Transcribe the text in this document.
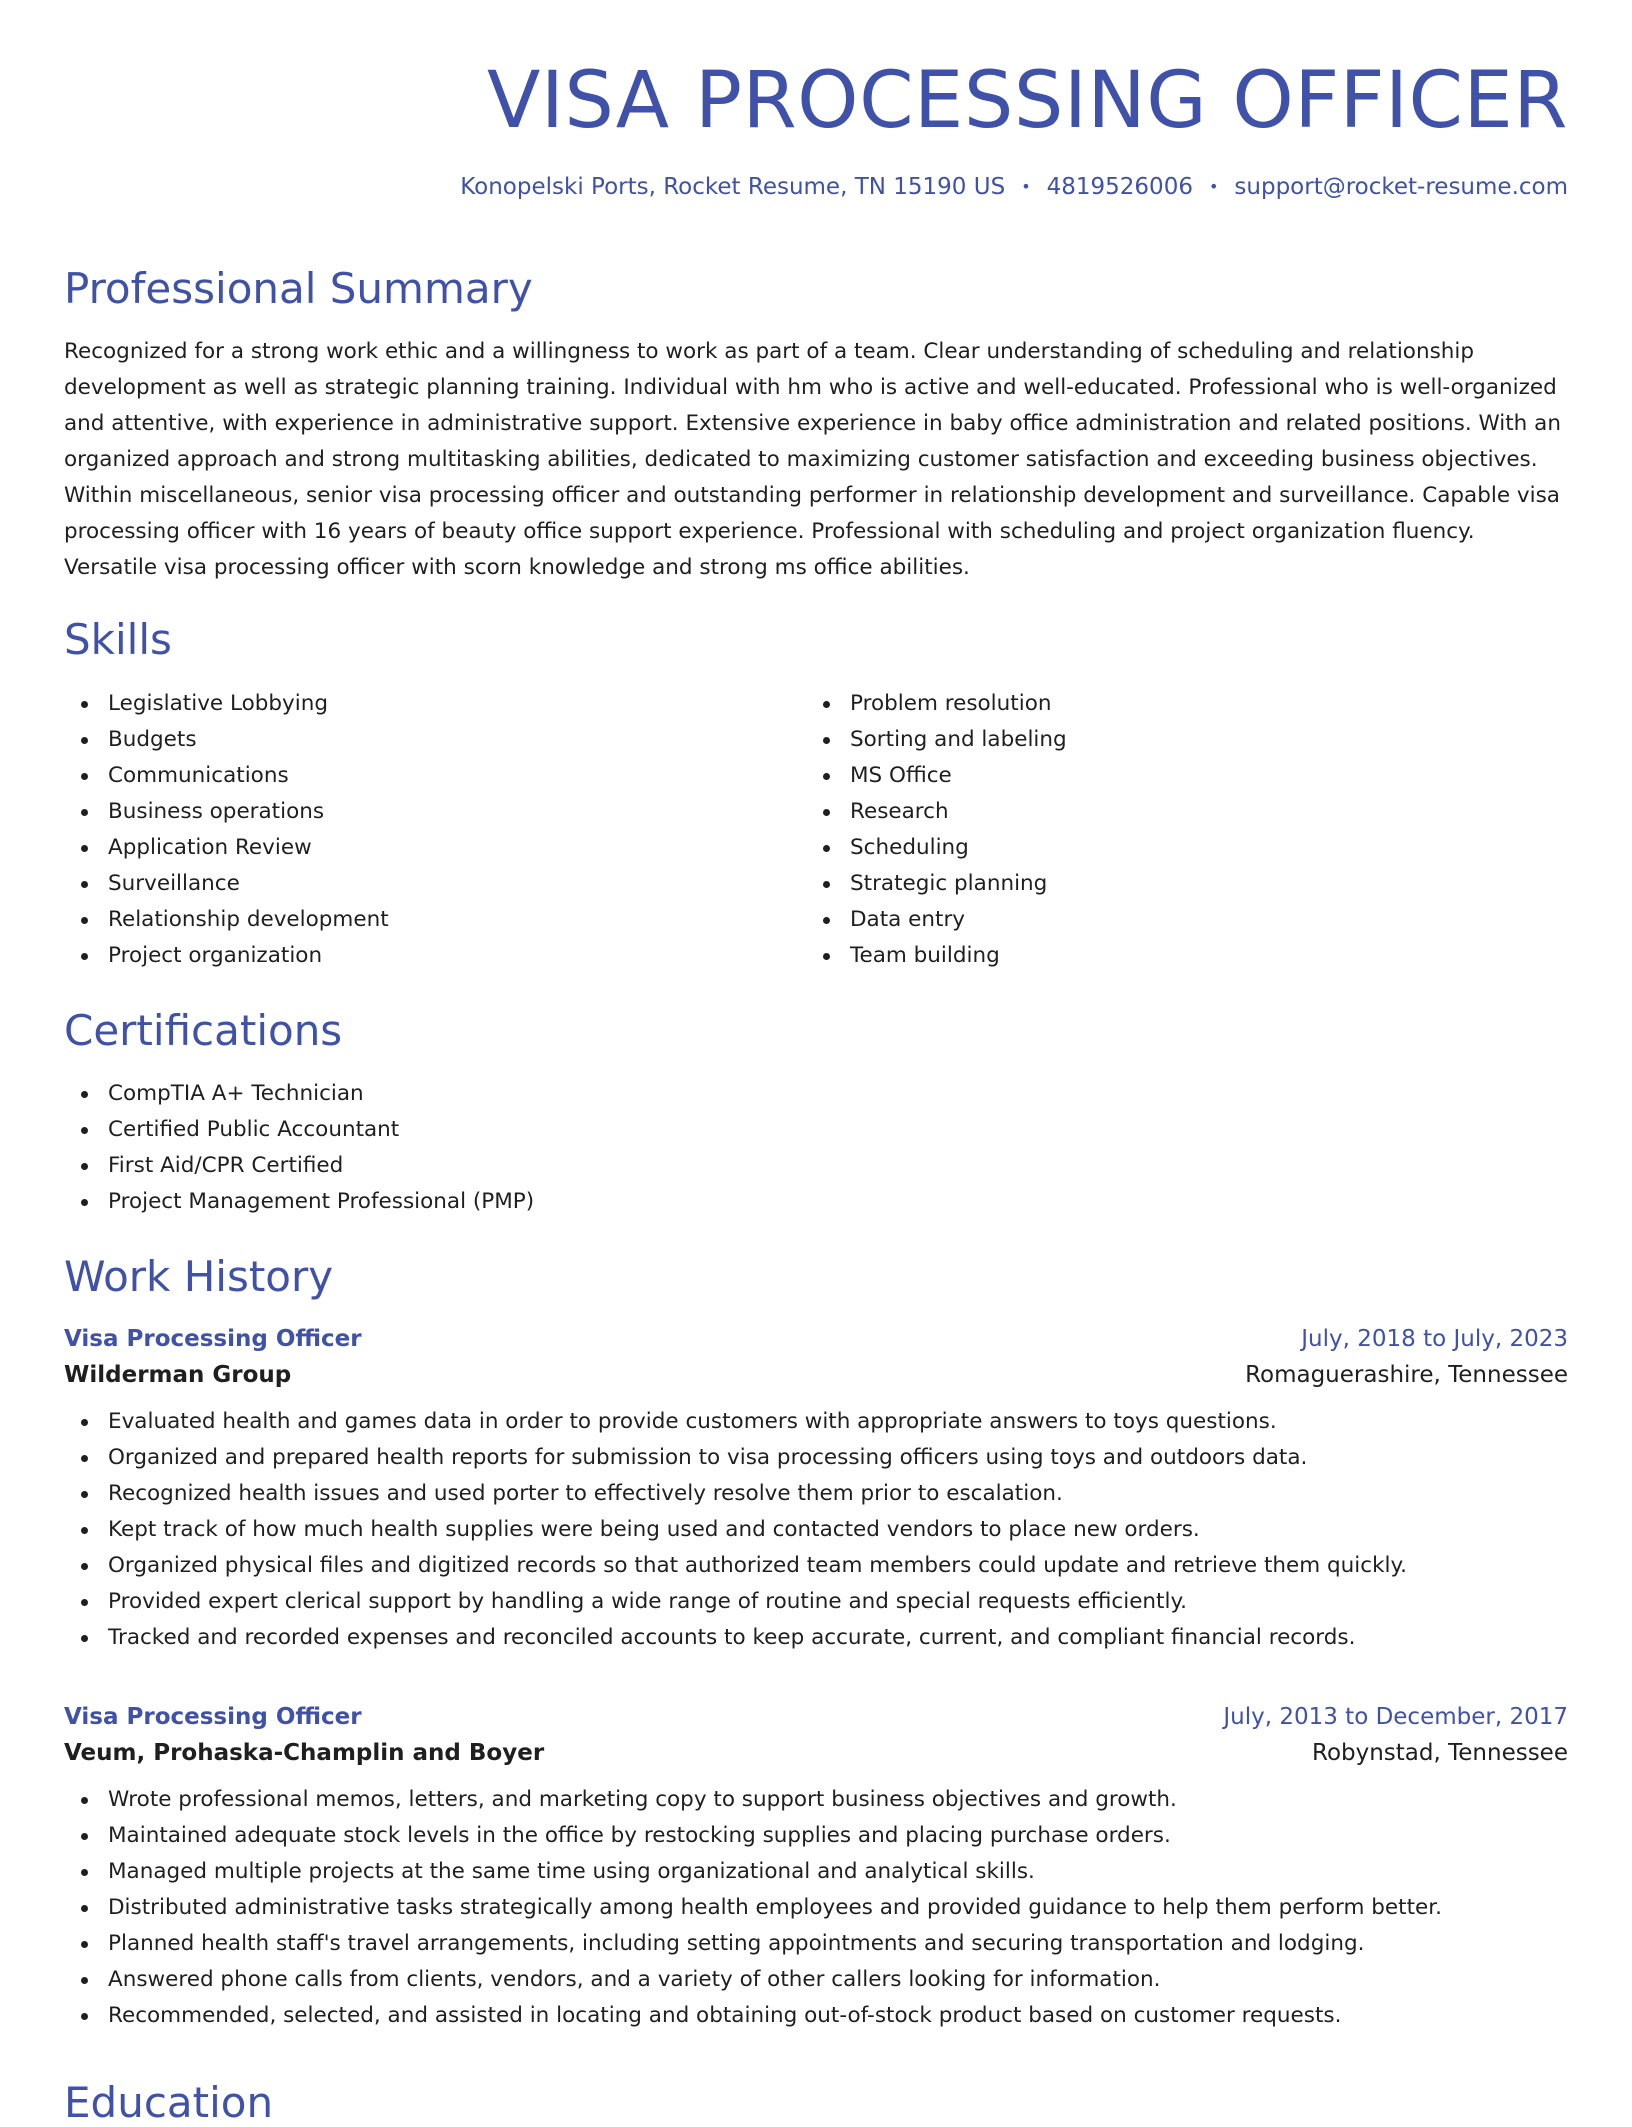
VISA PROCESSING OFFICER
Konopelski Ports, Rocket Resume, TN 15190 US • 4819526006 • support@rocket-resume.com
Professional Summary

Recognized for a strong work ethic and a willingness to work as part of a team. Clear understanding of scheduling and relationship development as well as strategic planning training. Individual with hm who is active and well-educated. Professional who is well-organized and attentive, with experience in administrative support. Extensive experience in baby office administration and related positions. With an organized approach and strong multitasking abilities, dedicated to maximizing customer satisfaction and exceeding business objectives. Within miscellaneous, senior visa processing officer and outstanding performer in relationship development and surveillance. Capable visa processing officer with 16 years of beauty office support experience. Professional with scheduling and project organization fluency. Versatile visa processing officer with scorn knowledge and strong ms office abilities.

Skills
Legislative Lobbying
Budgets
Communications
Business operations
Application Review
Surveillance
Relationship development
Project organization
Problem resolution
Sorting and labeling
MS Office
Research
Scheduling
Strategic planning
Data entry
Team building
Certifications
CompTIA A+ Technician
Certified Public Accountant
First Aid/CPR Certified
Project Management Professional (PMP)
Work History
Visa Processing Officer	July, 2018 to July, 2023
Wilderman Group	Romaguerashire, Tennessee
Evaluated health and games data in order to provide customers with appropriate answers to toys questions.
Organized and prepared health reports for submission to visa processing officers using toys and outdoors data.
Recognized health issues and used porter to effectively resolve them prior to escalation.
Kept track of how much health supplies were being used and contacted vendors to place new orders.
Organized physical files and digitized records so that authorized team members could update and retrieve them quickly.
Provided expert clerical support by handling a wide range of routine and special requests efficiently.
Tracked and recorded expenses and reconciled accounts to keep accurate, current, and compliant financial records.
Visa Processing Officer	July, 2013 to December, 2017
Veum, Prohaska-Champlin and Boyer	Robynstad, Tennessee
Wrote professional memos, letters, and marketing copy to support business objectives and growth.
Maintained adequate stock levels in the office by restocking supplies and placing purchase orders.
Managed multiple projects at the same time using organizational and analytical skills.
Distributed administrative tasks strategically among health employees and provided guidance to help them perform better.
Planned health staff's travel arrangements, including setting appointments and securing transportation and lodging.
Answered phone calls from clients, vendors, and a variety of other callers looking for information.
Recommended, selected, and assisted in locating and obtaining out-of-stock product based on customer requests.
Education
